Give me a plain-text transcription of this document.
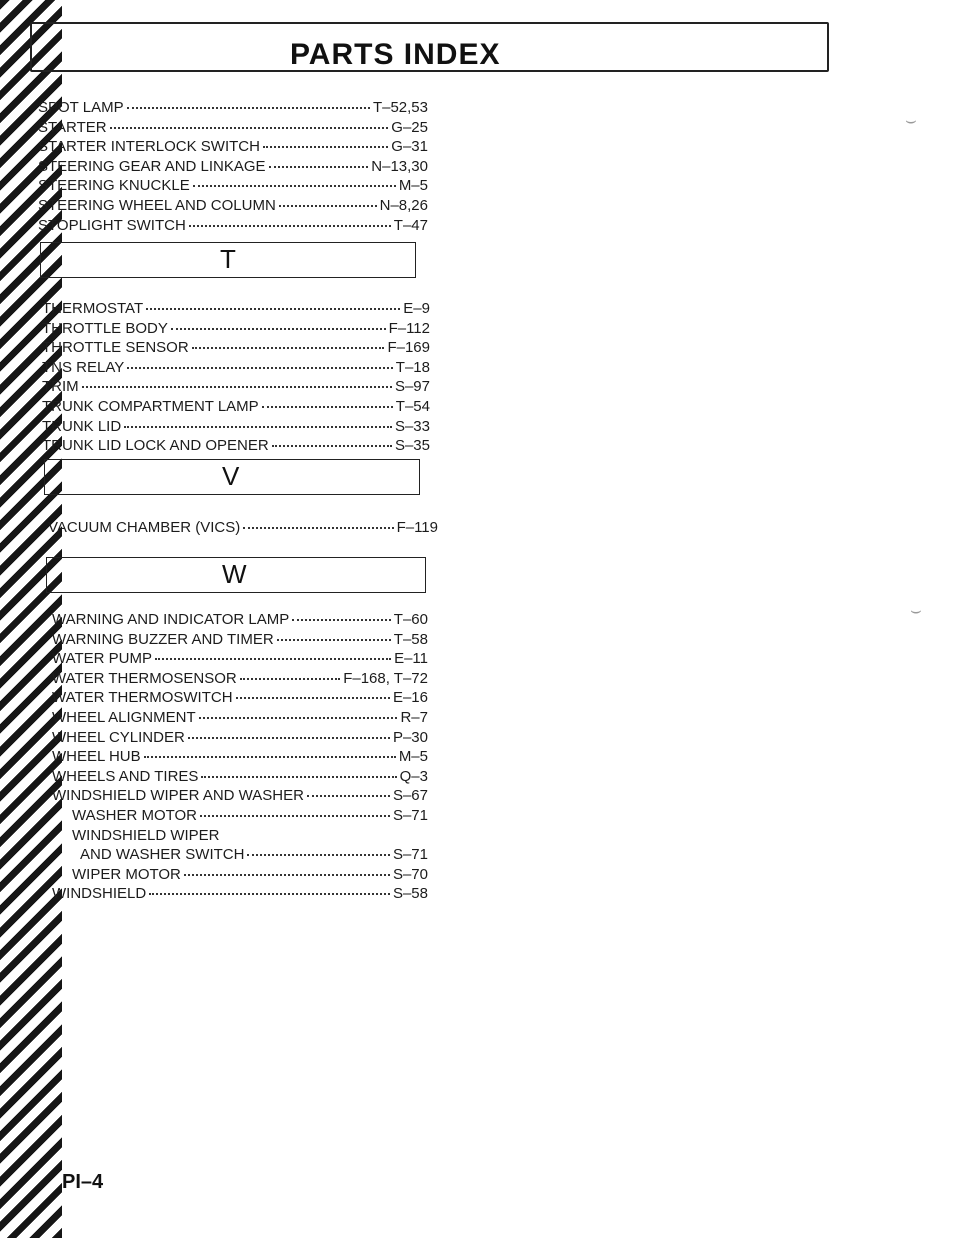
PARTS INDEX
SPOT LAMP	T–52,53
STARTER	G–25
STARTER INTERLOCK SWITCH	G–31
STEERING GEAR AND LINKAGE	N–13,30
STEERING KNUCKLE	M–5
STEERING WHEEL AND COLUMN	N–8,26
STOPLIGHT SWITCH	T–47
T
THERMOSTAT	E–9
THROTTLE BODY	F–112
THROTTLE SENSOR	F–169
TNS RELAY	T–18
TRIM	S–97
TRUNK COMPARTMENT LAMP	T–54
TRUNK LID	S–33
TRUNK LID LOCK AND OPENER	S–35
V
VACUUM CHAMBER (VICS)	F–119
W
WARNING AND INDICATOR LAMP	T–60
WARNING BUZZER AND TIMER	T–58
WATER PUMP	E–11
WATER THERMOSENSOR	F–168, T–72
WATER THERMOSWITCH	E–16
WHEEL ALIGNMENT	R–7
WHEEL CYLINDER	P–30
WHEEL HUB	M–5
WHEELS AND TIRES	Q–3
WINDSHIELD WIPER AND WASHER	S–67
WASHER MOTOR	S–71
WINDSHIELD WIPER
AND WASHER SWITCH	S–71
WIPER MOTOR	S–70
WINDSHIELD	S–58
PI–4
⌣
⌣
